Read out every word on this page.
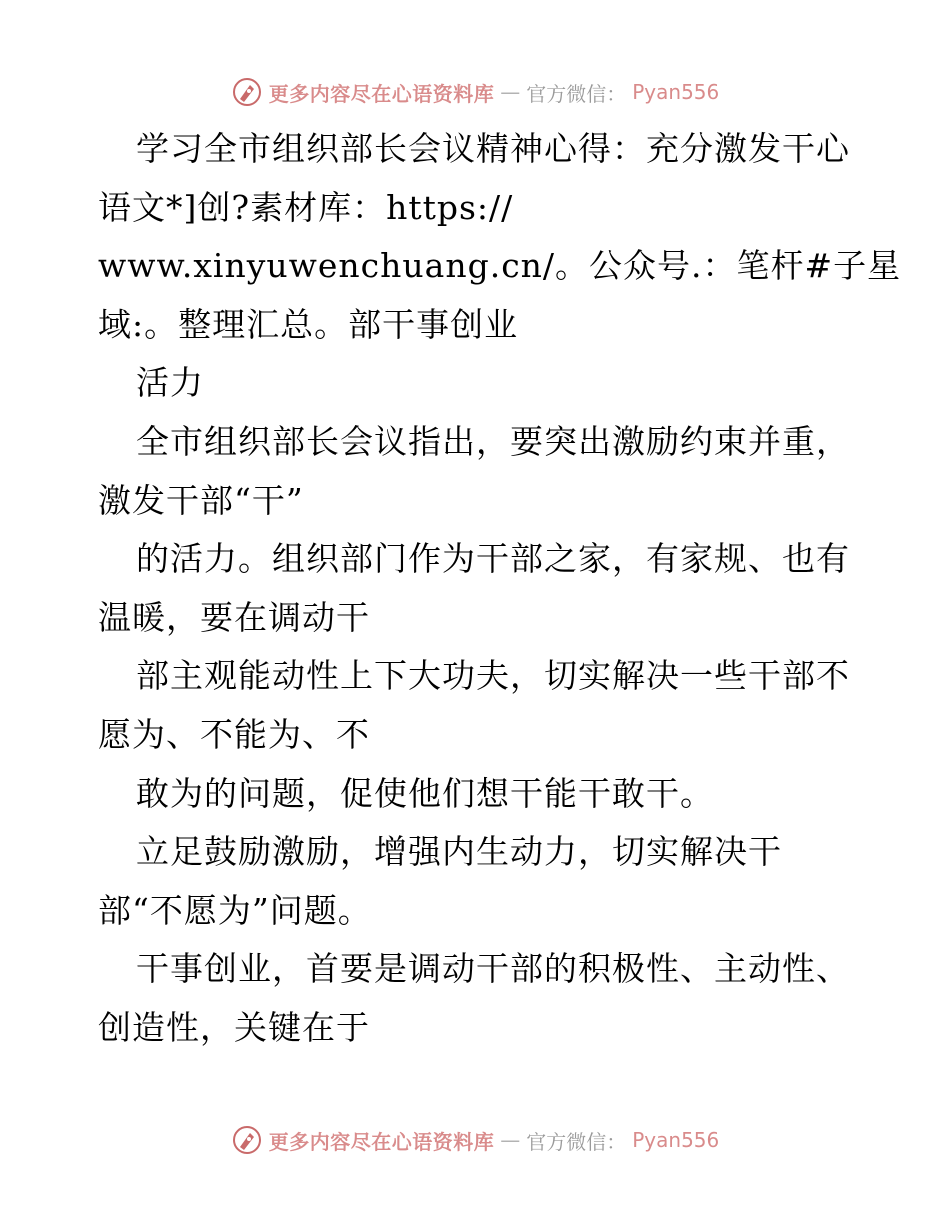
更多内容尽在心语资料库 — 官方微信： Pyan556
学习全市组织部长会议精神心得：充分激发干心
语文*]创?素材库：https://
www.xinyuwenchuang.cn/。公众号.：笔杆#子星
域:。整理汇总。部干事创业
活力
全市组织部长会议指出，要突出激励约束并重，
激发干部“干”
的活力。组织部门作为干部之家，有家规、也有
温暖，要在调动干
部主观能动性上下大功夫，切实解决一些干部不
愿为、不能为、不
敢为的问题，促使他们想干能干敢干。
立足鼓励激励，增强内生动力，切实解决干
部“不愿为”问题。
干事创业，首要是调动干部的积极性、主动性、
创造性，关键在于
更多内容尽在心语资料库 — 官方微信： Pyan556
